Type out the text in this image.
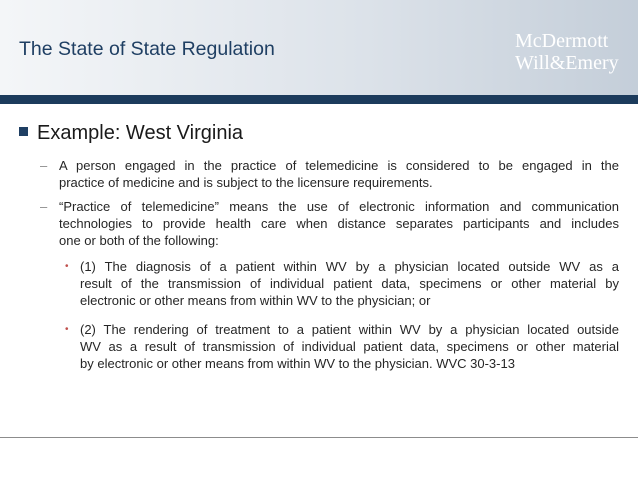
The State of State Regulation	McDermott
Will&Emery
Example: West Virginia
– A person engaged in the practice of telemedicine is considered to be engaged in the
practice of medicine and is subject to the licensure requirements.
– “Practice of telemedicine” means the use of electronic information and communication
technologies to provide health care when distance separates participants and includes
one or both of the following:
• (1) The diagnosis of a patient within WV by a physician located outside WV as a
result of the transmission of individual patient data, specimens or other material by
electronic or other means from within WV to the physician; or
• (2) The rendering of treatment to a patient within WV by a physician located outside
WV as a result of transmission of individual patient data, specimens or other material
by electronic or other means from within WV to the physician. WVC 30-3-13
